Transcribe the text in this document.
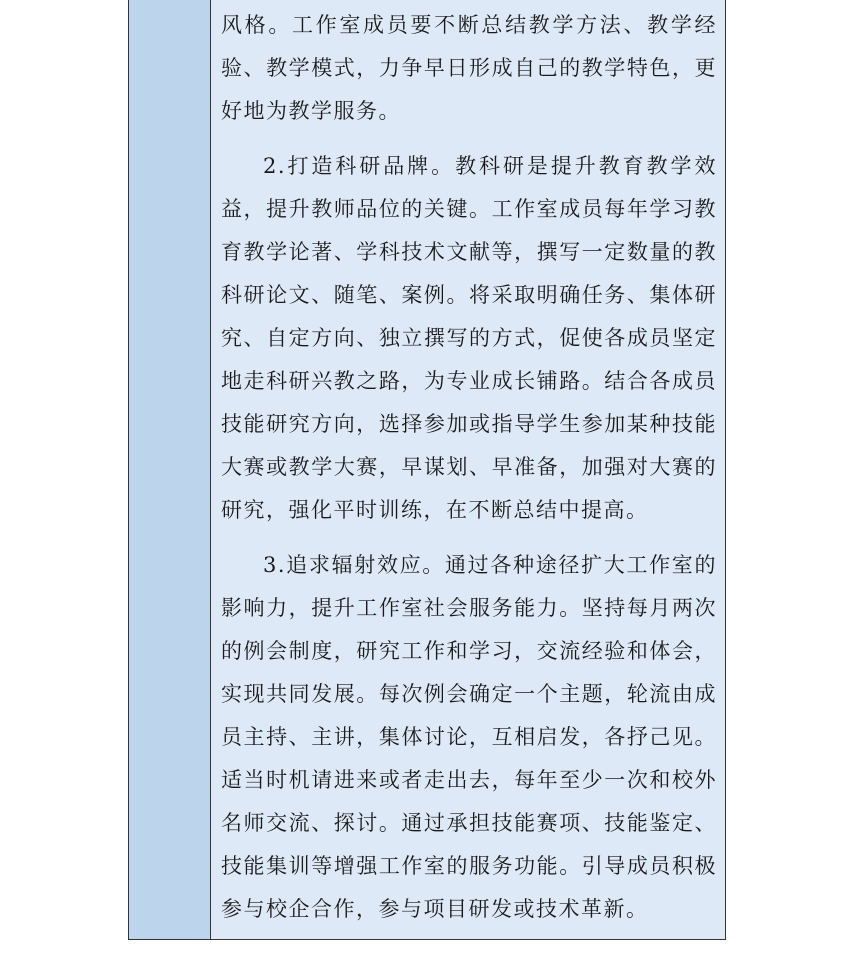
风格。工作室成员要不断总结教学方法、教学经验、教学模式，力争早日形成自己的教学特色，更好地为教学服务。

2.打造科研品牌。教科研是提升教育教学效益，提升教师品位的关键。工作室成员每年学习教育教学论著、学科技术文献等，撰写一定数量的教科研论文、随笔、案例。将采取明确任务、集体研究、自定方向、独立撰写的方式，促使各成员坚定地走科研兴教之路，为专业成长铺路。结合各成员技能研究方向，选择参加或指导学生参加某种技能大赛或教学大赛，早谋划、早准备，加强对大赛的研究，强化平时训练，在不断总结中提高。

3.追求辐射效应。通过各种途径扩大工作室的影响力，提升工作室社会服务能力。坚持每月两次的例会制度，研究工作和学习，交流经验和体会，实现共同发展。每次例会确定一个主题，轮流由成员主持、主讲，集体讨论，互相启发，各抒己见。适当时机请进来或者走出去，每年至少一次和校外名师交流、探讨。通过承担技能赛项、技能鉴定、技能集训等增强工作室的服务功能。引导成员积极参与校企合作，参与项目研发或技术革新。
